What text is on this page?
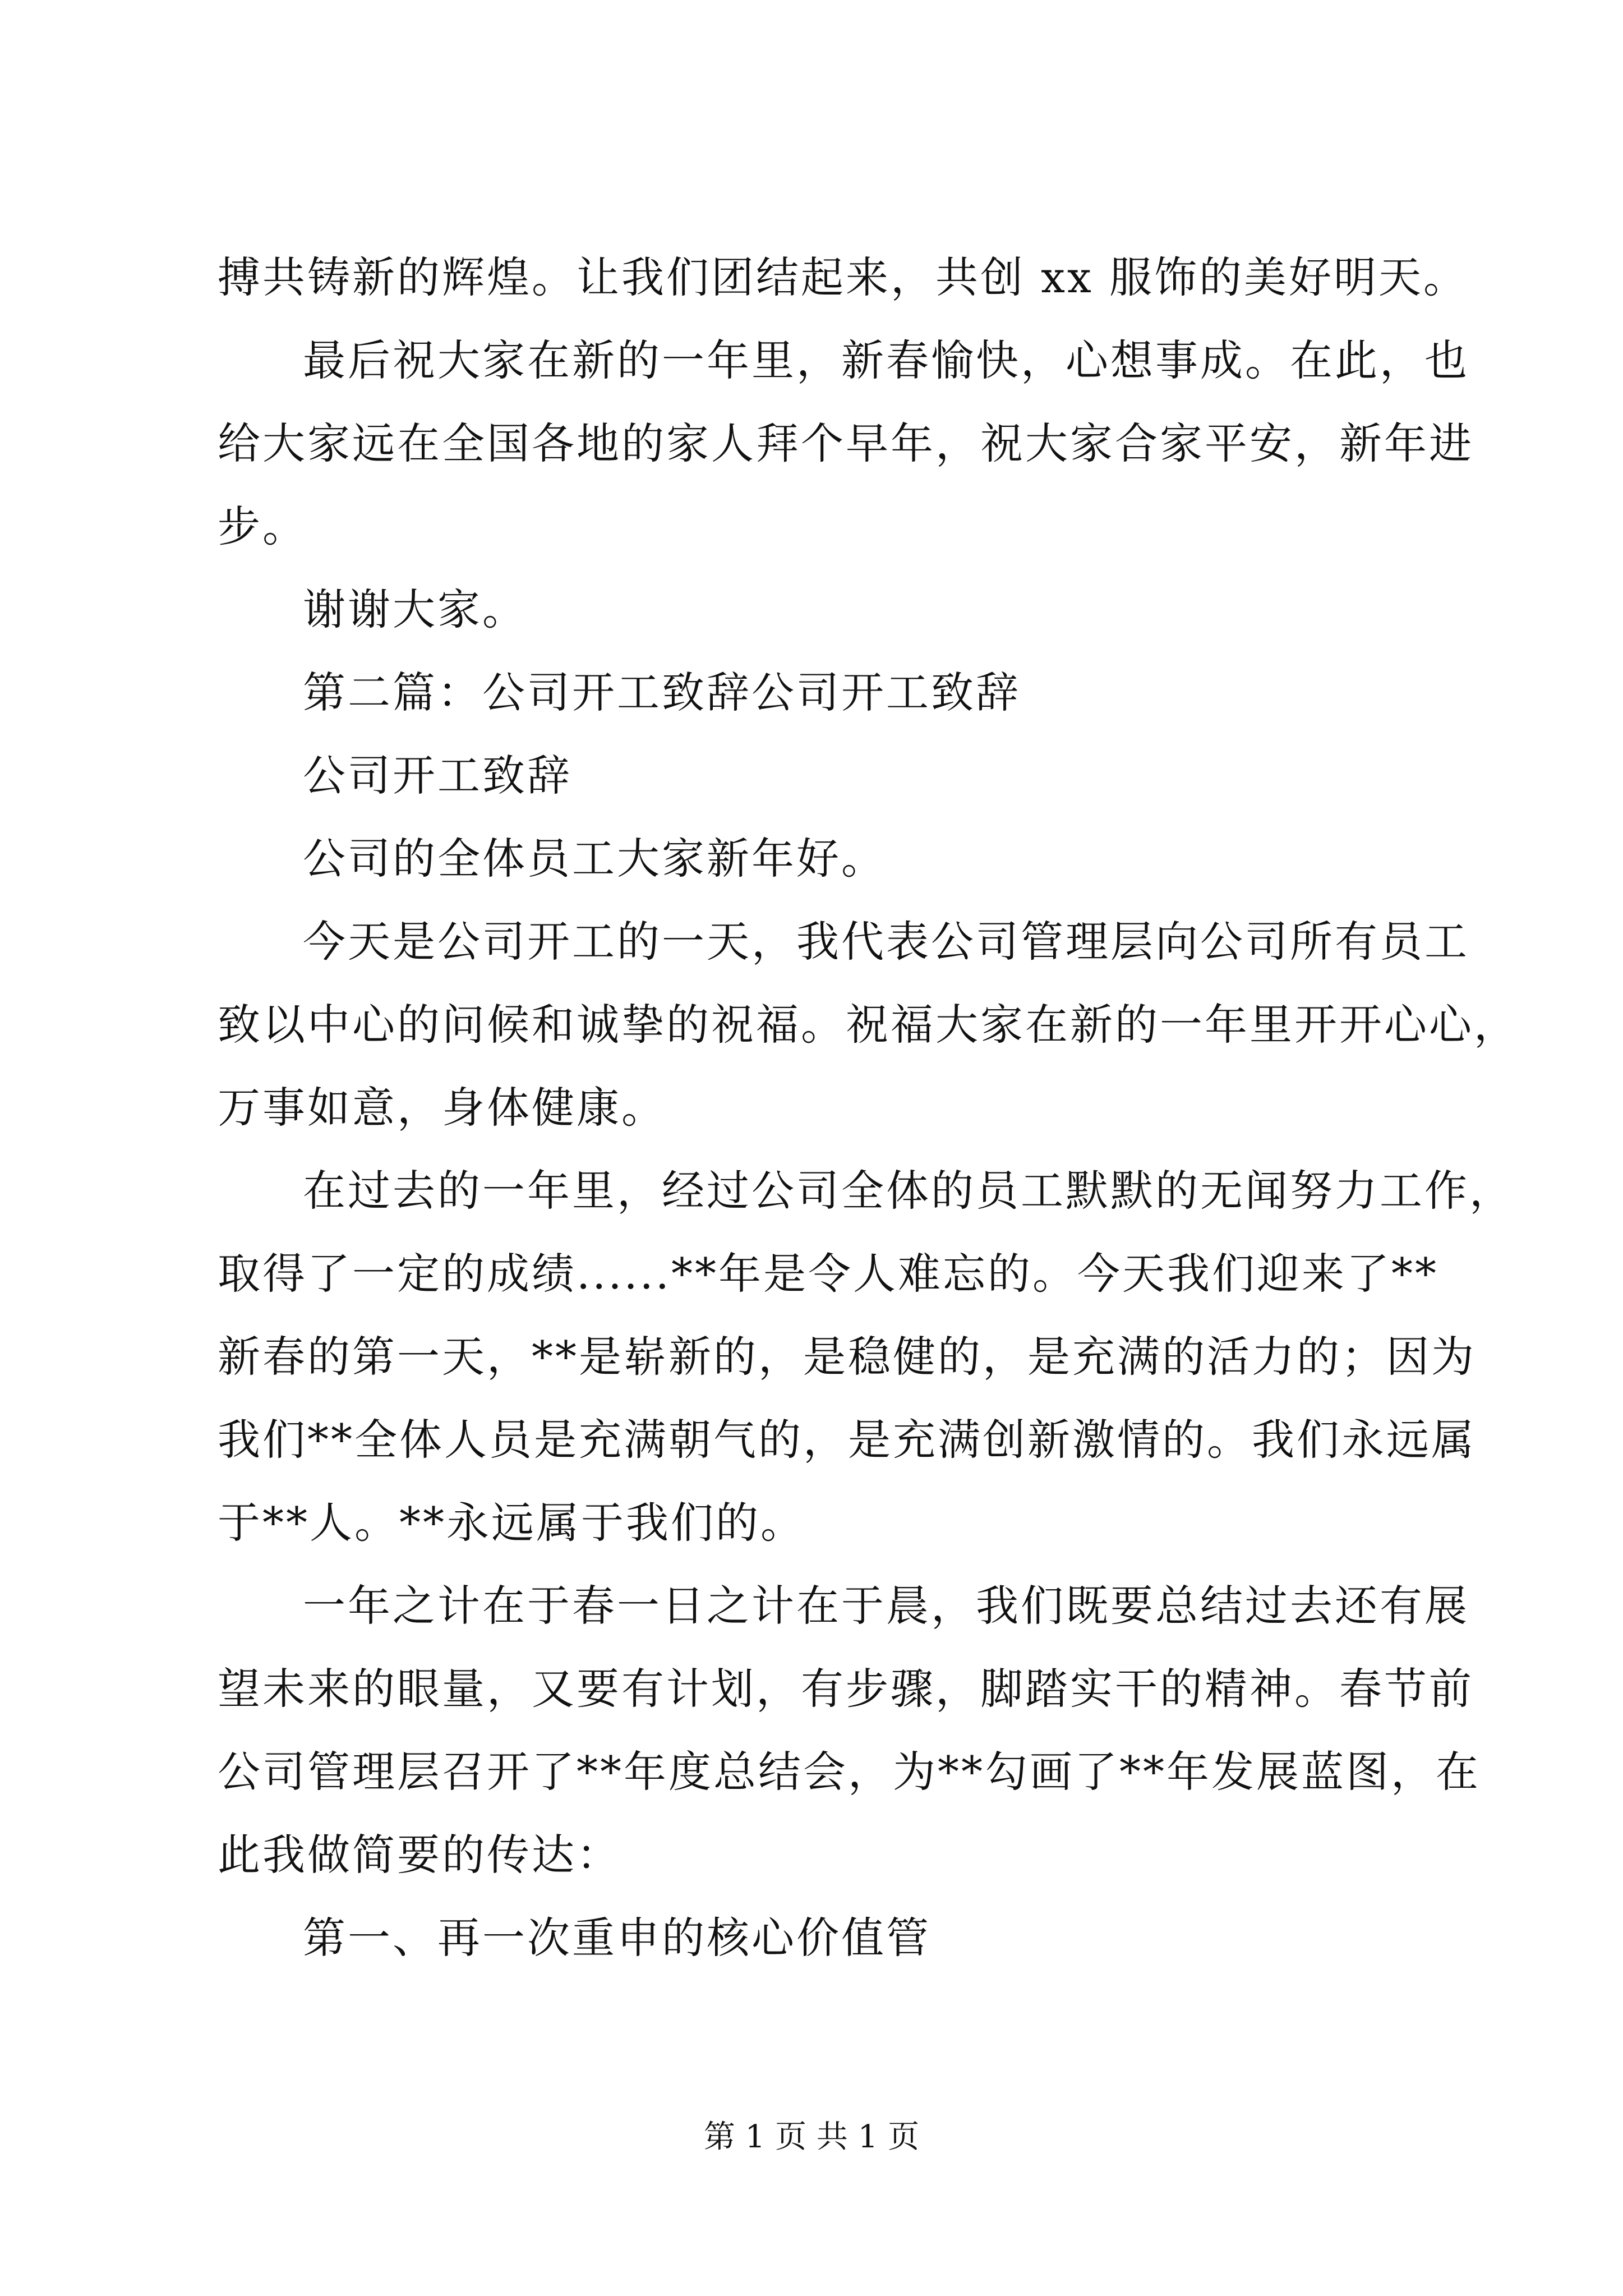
搏共铸新的辉煌。让我们团结起来，共创 xx 服饰的美好明天。
最后祝大家在新的一年里，新春愉快，心想事成。在此，也
给大家远在全国各地的家人拜个早年，祝大家合家平安，新年进
步。
谢谢大家。
第二篇：公司开工致辞公司开工致辞
公司开工致辞
公司的全体员工大家新年好。
今天是公司开工的一天，我代表公司管理层向公司所有员工
致以中心的问候和诚挚的祝福。祝福大家在新的一年里开开心心，
万事如意，身体健康。
在过去的一年里，经过公司全体的员工默默的无闻努力工作，
取得了一定的成绩......**年是令人难忘的。今天我们迎来了**
新春的第一天，**是崭新的，是稳健的，是充满的活力的；因为
我们**全体人员是充满朝气的，是充满创新激情的。我们永远属
于**人。**永远属于我们的。
一年之计在于春一日之计在于晨，我们既要总结过去还有展
望未来的眼量，又要有计划，有步骤，脚踏实干的精神。春节前
公司管理层召开了**年度总结会，为**勾画了**年发展蓝图，在
此我做简要的传达：
第一、再一次重申的核心价值管
第 1 页 共 1 页
